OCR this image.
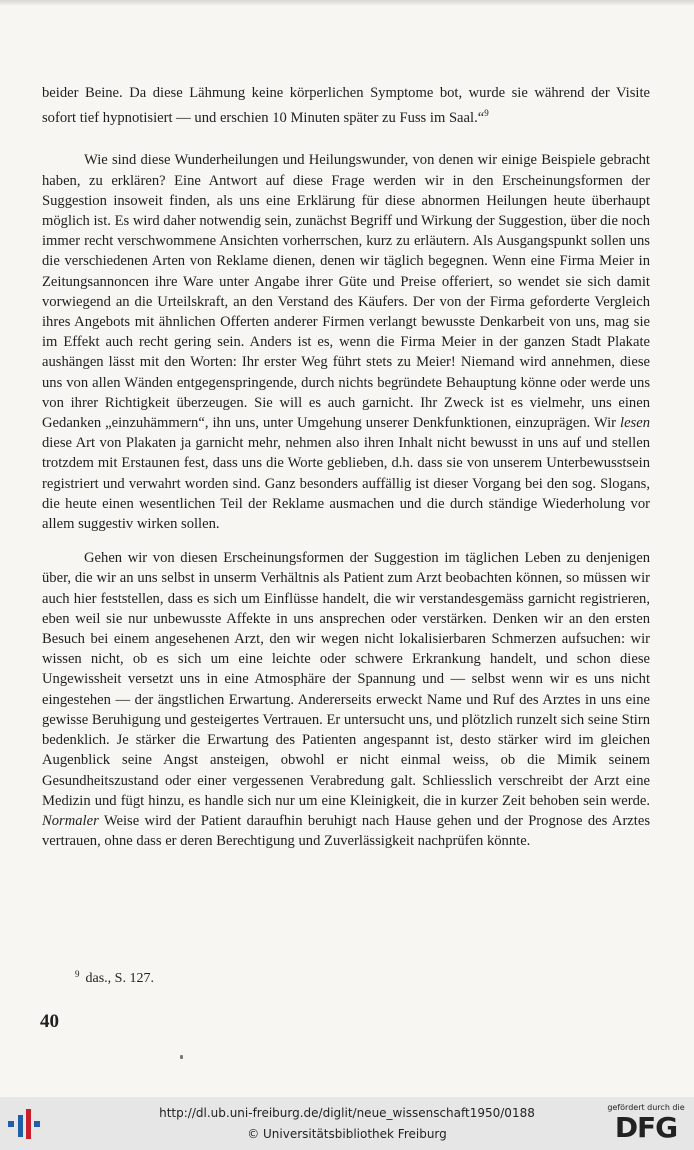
beider Beine. Da diese Lähmung keine körperlichen Symptome bot, wurde sie während der Visite sofort tief hypnotisiert — und erschien 10 Minuten später zu Fuss im Saal.“$^9$

Wie sind diese Wunderheilungen und Heilungswunder, von denen wir einige Beispiele gebracht haben, zu erklären? Eine Antwort auf diese Frage werden wir in den Erscheinungsformen der Suggestion insoweit finden, als uns eine Erklärung für diese abnormen Heilungen heute überhaupt möglich ist. Es wird daher notwendig sein, zunächst Begriff und Wirkung der Suggestion, über die noch immer recht verschwommene Ansichten vorherrschen, kurz zu erläutern. Als Ausgangspunkt sollen uns die verschiedenen Arten von Reklame dienen, denen wir täglich begegnen. Wenn eine Firma Meier in Zeitungsannoncen ihre Ware unter Angabe ihrer Güte und Preise offeriert, so wendet sie sich damit vorwiegend an die Urteilskraft, an den Verstand des Käufers. Der von der Firma geforderte Vergleich ihres Angebots mit ähnlichen Offerten anderer Firmen verlangt bewusste Denkarbeit von uns, mag sie im Effekt auch recht gering sein. Anders ist es, wenn die Firma Meier in der ganzen Stadt Plakate aushängen lässt mit den Worten: Ihr erster Weg führt stets zu Meier! Niemand wird annehmen, diese uns von allen Wänden entgegenspringende, durch nichts begründete Behauptung könne oder werde uns von ihrer Richtigkeit überzeugen. Sie will es auch garnicht. Ihr Zweck ist es vielmehr, uns einen Gedanken „einzuhämmern“, ihn uns, unter Umgehung unserer Denkfunktionen, einzuprägen. Wir lesen diese Art von Plakaten ja garnicht mehr, nehmen also ihren Inhalt nicht bewusst in uns auf und stellen trotzdem mit Erstaunen fest, dass uns die Worte geblieben, d.h. dass sie von unserem Unterbewusstsein registriert und verwahrt worden sind. Ganz besonders auffällig ist dieser Vorgang bei den sog. Slogans, die heute einen wesentlichen Teil der Reklame ausmachen und die durch ständige Wiederholung vor allem suggestiv wirken sollen.

Gehen wir von diesen Erscheinungsformen der Suggestion im täglichen Leben zu denjenigen über, die wir an uns selbst in unserm Verhältnis als Patient zum Arzt beobachten können, so müssen wir auch hier feststellen, dass es sich um Einflüsse handelt, die wir verstandesgemäss garnicht registrieren, eben weil sie nur unbewusste Affekte in uns ansprechen oder verstärken. Denken wir an den ersten Besuch bei einem angesehenen Arzt, den wir wegen nicht lokalisierbaren Schmerzen aufsuchen: wir wissen nicht, ob es sich um eine leichte oder schwere Erkrankung handelt, und schon diese Ungewissheit versetzt uns in eine Atmosphäre der Spannung und — selbst wenn wir es uns nicht eingestehen — der ängstlichen Erwartung. Andererseits erweckt Name und Ruf des Arztes in uns eine gewisse Beruhigung und gesteigertes Vertrauen. Er untersucht uns, und plötzlich runzelt sich seine Stirn bedenklich. Je stärker die Erwartung des Patienten angespannt ist, desto stärker wird im gleichen Augenblick seine Angst ansteigen, obwohl er nicht einmal weiss, ob die Mimik seinem Gesundheitszustand oder einer vergessenen Verabredung galt. Schliesslich verschreibt der Arzt eine Medizin und fügt hinzu, es handle sich nur um eine Kleinigkeit, die in kurzer Zeit behoben sein werde. Normaler Weise wird der Patient daraufhin beruhigt nach Hause gehen und der Prognose des Arztes vertrauen, ohne dass er deren Berechtigung und Zuverlässigkeit nachprüfen könnte.

$^9$ das., S. 127.
40
http://dl.ub.uni-freiburg.de/diglit/neue_wissenschaft1950/0188
© Universitätsbibliothek Freiburg
gefördert durch die
DFG
